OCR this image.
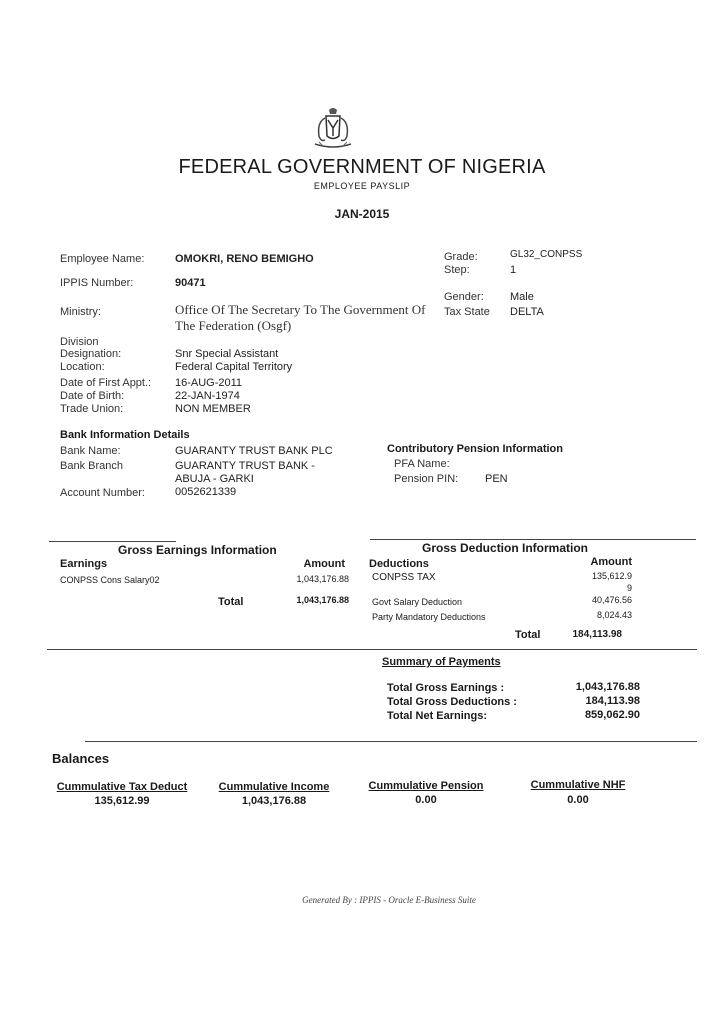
FEDERAL GOVERNMENT OF NIGERIA
EMPLOYEE PAYSLIP
JAN-2015
Employee Name:	OMOKRI, RENO BEMIGHO
IPPIS Number:	90471
Ministry:	Office Of The Secretary To The Government Of
The Federation (Osgf)
Division
Designation:	Snr Special Assistant
Location:	Federal Capital Territory
Date of First Appt.: 16-AUG-2011
Date of Birth:	22-JAN-1974
Trade Union:	NON MEMBER
Grade:	GL32_CONPSS
Step:	1
Gender: Male
Tax State DELTA
Bank Information Details
Bank Name:	GUARANTY TRUST BANK PLC
Bank Branch	GUARANTY TRUST BANK -
ABUJA - GARKI
Account Number:	0052621339
Contributory Pension Information
PFA Name:
Pension PIN: PEN
Gross Earnings Information
Earnings	Amount
CONPSS Cons Salary02	1,043,176.88
Total	1,043,176.88
Gross Deduction Information
Deductions	Amount
CONPSS TAX	135,612.9
9
Govt Salary Deduction	40,476.56
Party Mandatory Deductions	8,024.43
Total	184,113.98
Summary of Payments
Total Gross Earnings :	1,043,176.88
Total Gross Deductions :	184,113.98
Total Net Earnings:	859,062.90
Balances
Cummulative Tax Deduct
135,612.99
Cummulative Income
1,043,176.88
Cummulative Pension
0.00
Cummulative NHF
0.00
Generated By : IPPIS - Oracle E-Business Suite
